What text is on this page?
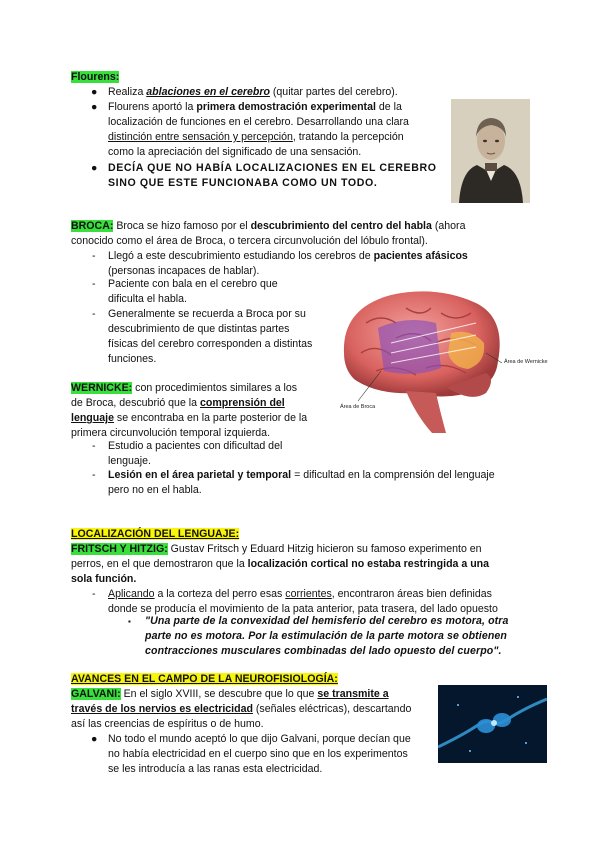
Flourens:
● Realiza ablaciones en el cerebro (quitar partes del cerebro).
● Flourens aportó la primera demostración experimental de la
localización de funciones en el cerebro. Desarrollando una clara
distinción entre sensación y percepción, tratando la percepción
como la apreciación del significado de una sensación.
● DECÍA QUE NO HABÍA LOCALIZACIONES EN EL CEREBRO
SINO QUE ESTE FUNCIONABA COMO UN TODO.
BROCA: Broca se hizo famoso por el descubrimiento del centro del habla (ahora
conocido como el área de Broca, o tercera circunvolución del lóbulo frontal).
- Llegó a este descubrimiento estudiando los cerebros de pacientes afásicos
(personas incapaces de hablar).
- Paciente con bala en el cerebro que
dificulta el habla.
- Generalmente se recuerda a Broca por su
descubrimiento de que distintas partes
físicas del cerebro corresponden a distintas
funciones.	Área de Wernicke
Área de Broca
WERNICKE: con procedimientos similares a los
de Broca, descubrió que la comprensión del
lenguaje se encontraba en la parte posterior de la
primera circunvolución temporal izquierda.
- Estudio a pacientes con dificultad del
lenguaje.
- Lesión en el área parietal y temporal = dificultad en la comprensión del lenguaje
pero no en el habla.
LOCALIZACIÓN DEL LENGUAJE:
FRITSCH Y HITZIG: Gustav Fritsch y Eduard Hitzig hicieron su famoso experimento en
perros, en el que demostraron que la localización cortical no estaba restringida a una
sola función.
- Aplicando a la corteza del perro esas corrientes, encontraron áreas bien definidas
donde se producía el movimiento de la pata anterior, pata trasera, del lado opuesto
▪ "Una parte de la convexidad del hemisferio del cerebro es motora, otra
parte no es motora. Por la estimulación de la parte motora se obtienen
contracciones musculares combinadas del lado opuesto del cuerpo".
AVANCES EN EL CAMPO DE LA NEUROFISIOLOGÍA:
GALVANI: En el siglo XVIII, se descubre que lo que se transmite a
través de los nervios es electricidad (señales eléctricas), descartando
así las creencias de espíritus o de humo.
● No todo el mundo aceptó lo que dijo Galvani, porque decían que
no había electricidad en el cuerpo sino que en los experimentos
se les introducía a las ranas esta electricidad.
